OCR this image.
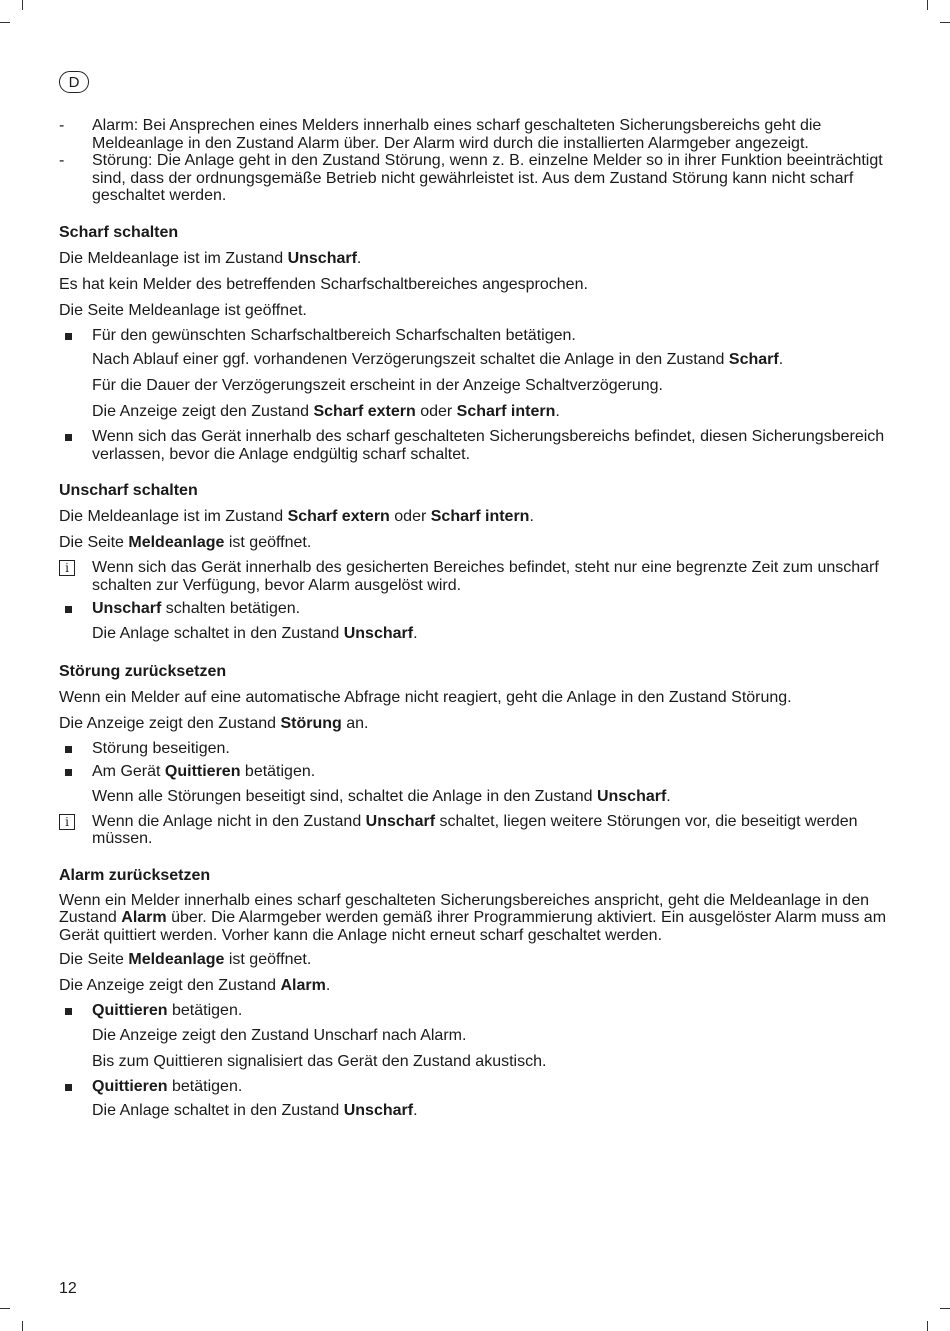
D
- Alarm: Bei Ansprechen eines Melders innerhalb eines scharf geschalteten Sicherungsbereichs geht die Meldeanlage in den Zustand Alarm über. Der Alarm wird durch die installierten Alarmgeber angezeigt.
- Störung: Die Anlage geht in den Zustand Störung, wenn z. B. einzelne Melder so in ihrer Funktion beeinträchtigt sind, dass der ordnungsgemäße Betrieb nicht gewährleistet ist. Aus dem Zustand Störung kann nicht scharf geschaltet werden.
Scharf schalten
Die Meldeanlage ist im Zustand Unscharf.
Es hat kein Melder des betreffenden Scharfschaltbereiches angesprochen.
Die Seite Meldeanlage ist geöffnet.
Für den gewünschten Scharfschaltbereich Scharfschalten betätigen.
Nach Ablauf einer ggf. vorhandenen Verzögerungszeit schaltet die Anlage in den Zustand Scharf.
Für die Dauer der Verzögerungszeit erscheint in der Anzeige Schaltverzögerung.
Die Anzeige zeigt den Zustand Scharf extern oder Scharf intern.
Wenn sich das Gerät innerhalb des scharf geschalteten Sicherungsbereichs befindet, diesen Sicherungsbereich verlassen, bevor die Anlage endgültig scharf schaltet.
Unscharf schalten
Die Meldeanlage ist im Zustand Scharf extern oder Scharf intern.
Die Seite Meldeanlage ist geöffnet.
i	Wenn sich das Gerät innerhalb des gesicherten Bereiches befindet, steht nur eine begrenzte Zeit zum unscharf schalten zur Verfügung, bevor Alarm ausgelöst wird.
Unscharf schalten betätigen.
Die Anlage schaltet in den Zustand Unscharf.
Störung zurücksetzen
Wenn ein Melder auf eine automatische Abfrage nicht reagiert, geht die Anlage in den Zustand Störung.
Die Anzeige zeigt den Zustand Störung an.
Störung beseitigen.
Am Gerät Quittieren betätigen.
Wenn alle Störungen beseitigt sind, schaltet die Anlage in den Zustand Unscharf.
i	Wenn die Anlage nicht in den Zustand Unscharf schaltet, liegen weitere Störungen vor, die beseitigt werden müssen.
Alarm zurücksetzen
Wenn ein Melder innerhalb eines scharf geschalteten Sicherungsbereiches anspricht, geht die Meldeanlage in den Zustand Alarm über. Die Alarmgeber werden gemäß ihrer Programmierung aktiviert. Ein ausgelöster Alarm muss am Gerät quittiert werden. Vorher kann die Anlage nicht erneut scharf geschaltet werden.
Die Seite Meldeanlage ist geöffnet.
Die Anzeige zeigt den Zustand Alarm.
Quittieren betätigen.
Die Anzeige zeigt den Zustand Unscharf nach Alarm.
Bis zum Quittieren signalisiert das Gerät den Zustand akustisch.
Quittieren betätigen.
Die Anlage schaltet in den Zustand Unscharf.
12
